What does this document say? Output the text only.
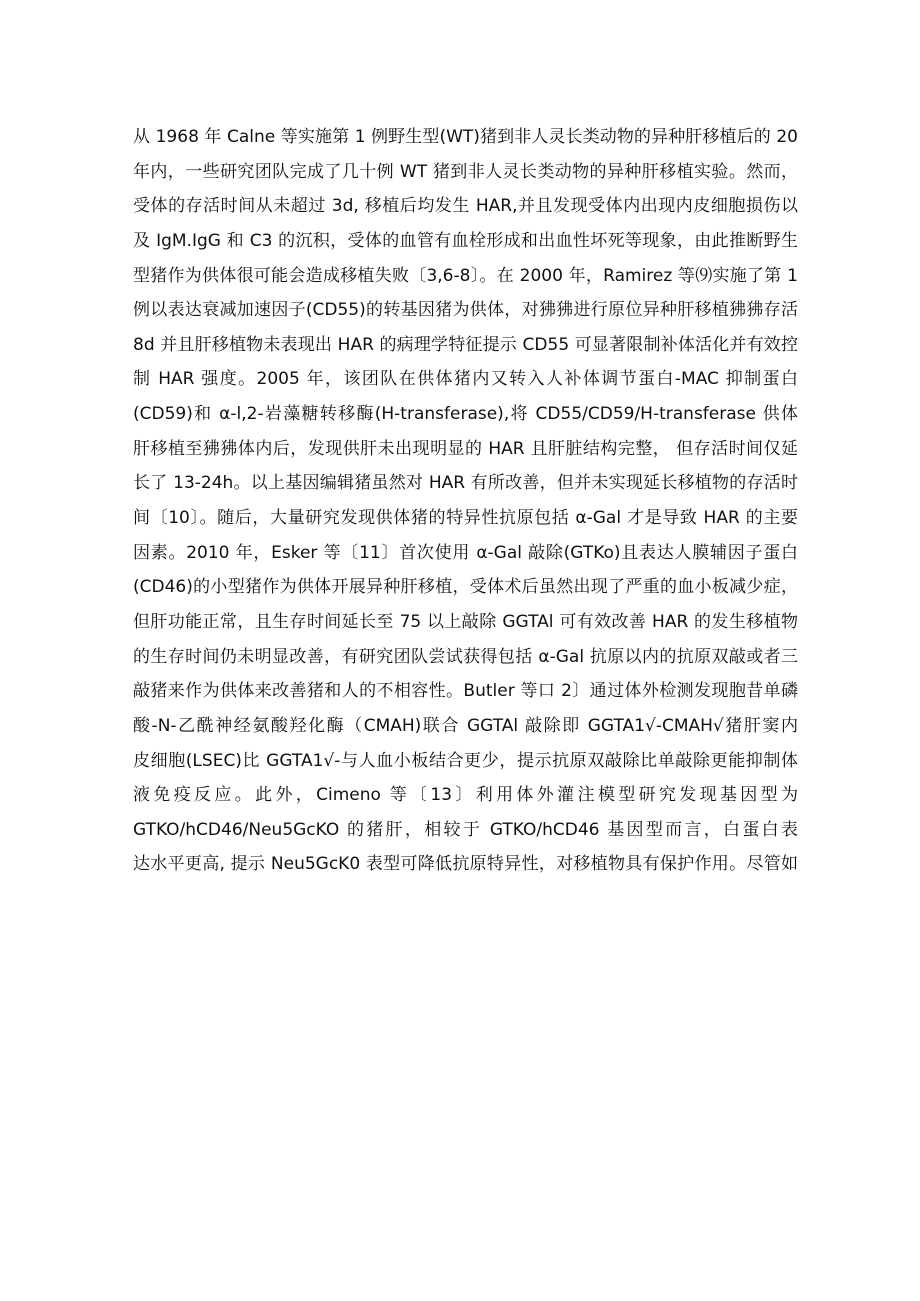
从 1968 年 Calne 等实施第 1 例野生型(WT)猪到非人灵长类动物的异种肝移植后的 20
年内，一些研究团队完成了几十例 WT 猪到非人灵长类动物的异种肝移植实验。然而，
受体的存活时间从未超过 3d, 移植后均发生 HAR,并且发现受体内出现内皮细胞损伤以
及 IgM.IgG 和 C3 的沉积，受体的血管有血栓形成和出血性坏死等现象，由此推断野生
型猪作为供体很可能会造成移植失败〔3,6-8〕。在 2000 年，Ramirez 等⑼实施了第 1
例以表达衰减加速因子(CD55)的转基因猪为供体，对狒狒进行原位异种肝移植狒狒存活
8d 并且肝移植物未表现出 HAR 的病理学特征提示 CD55 可显著限制补体活化并有效控
制 HAR 强度。2005 年，该团队在供体猪内又转入人补体调节蛋白-MAC 抑制蛋白
(CD59)和 α-l,2-岩藻糖转移酶(H-transferase),将 CD55/CD59/H-transferase 供体
肝移植至狒狒体内后，发现供肝未出现明显的 HAR 且肝脏结构完整， 但存活时间仅延
长了 13-24h。以上基因编辑猪虽然对 HAR 有所改善，但并未实现延长移植物的存活时
间〔10〕。随后，大量研究发现供体猪的特异性抗原包括 α-Gal 才是导致 HAR 的主要
因素。2010 年，Esker 等〔11〕首次使用 α-Gal 敲除(GTKo)且表达人膜辅因子蛋白
(CD46)的小型猪作为供体开展异种肝移植，受体术后虽然出现了严重的血小板减少症，
但肝功能正常，且生存时间延长至 75 以上敲除 GGTAl 可有效改善 HAR 的发生移植物
的生存时间仍未明显改善，有研究团队尝试获得包括 α-Gal 抗原以内的抗原双敲或者三
敲猪来作为供体来改善猪和人的不相容性。Butler 等口 2〕通过体外检测发现胞昔单磷
酸-N-乙酰神经氨酸羟化酶（CMAH)联合 GGTAl 敲除即 GGTA1√-CMAH√猪肝窦内
皮细胞(LSEC)比 GGTA1√-与人血小板结合更少，提示抗原双敲除比单敲除更能抑制体
液免疫反应。此外，Cimeno 等〔13〕利用体外灌注模型研究发现基因型为
GTKO/hCD46/Neu5GcKO 的猪肝，相较于 GTKO/hCD46 基因型而言，白蛋白表
达水平更高, 提示 Neu5GcK0 表型可降低抗原特异性，对移植物具有保护作用。尽管如
